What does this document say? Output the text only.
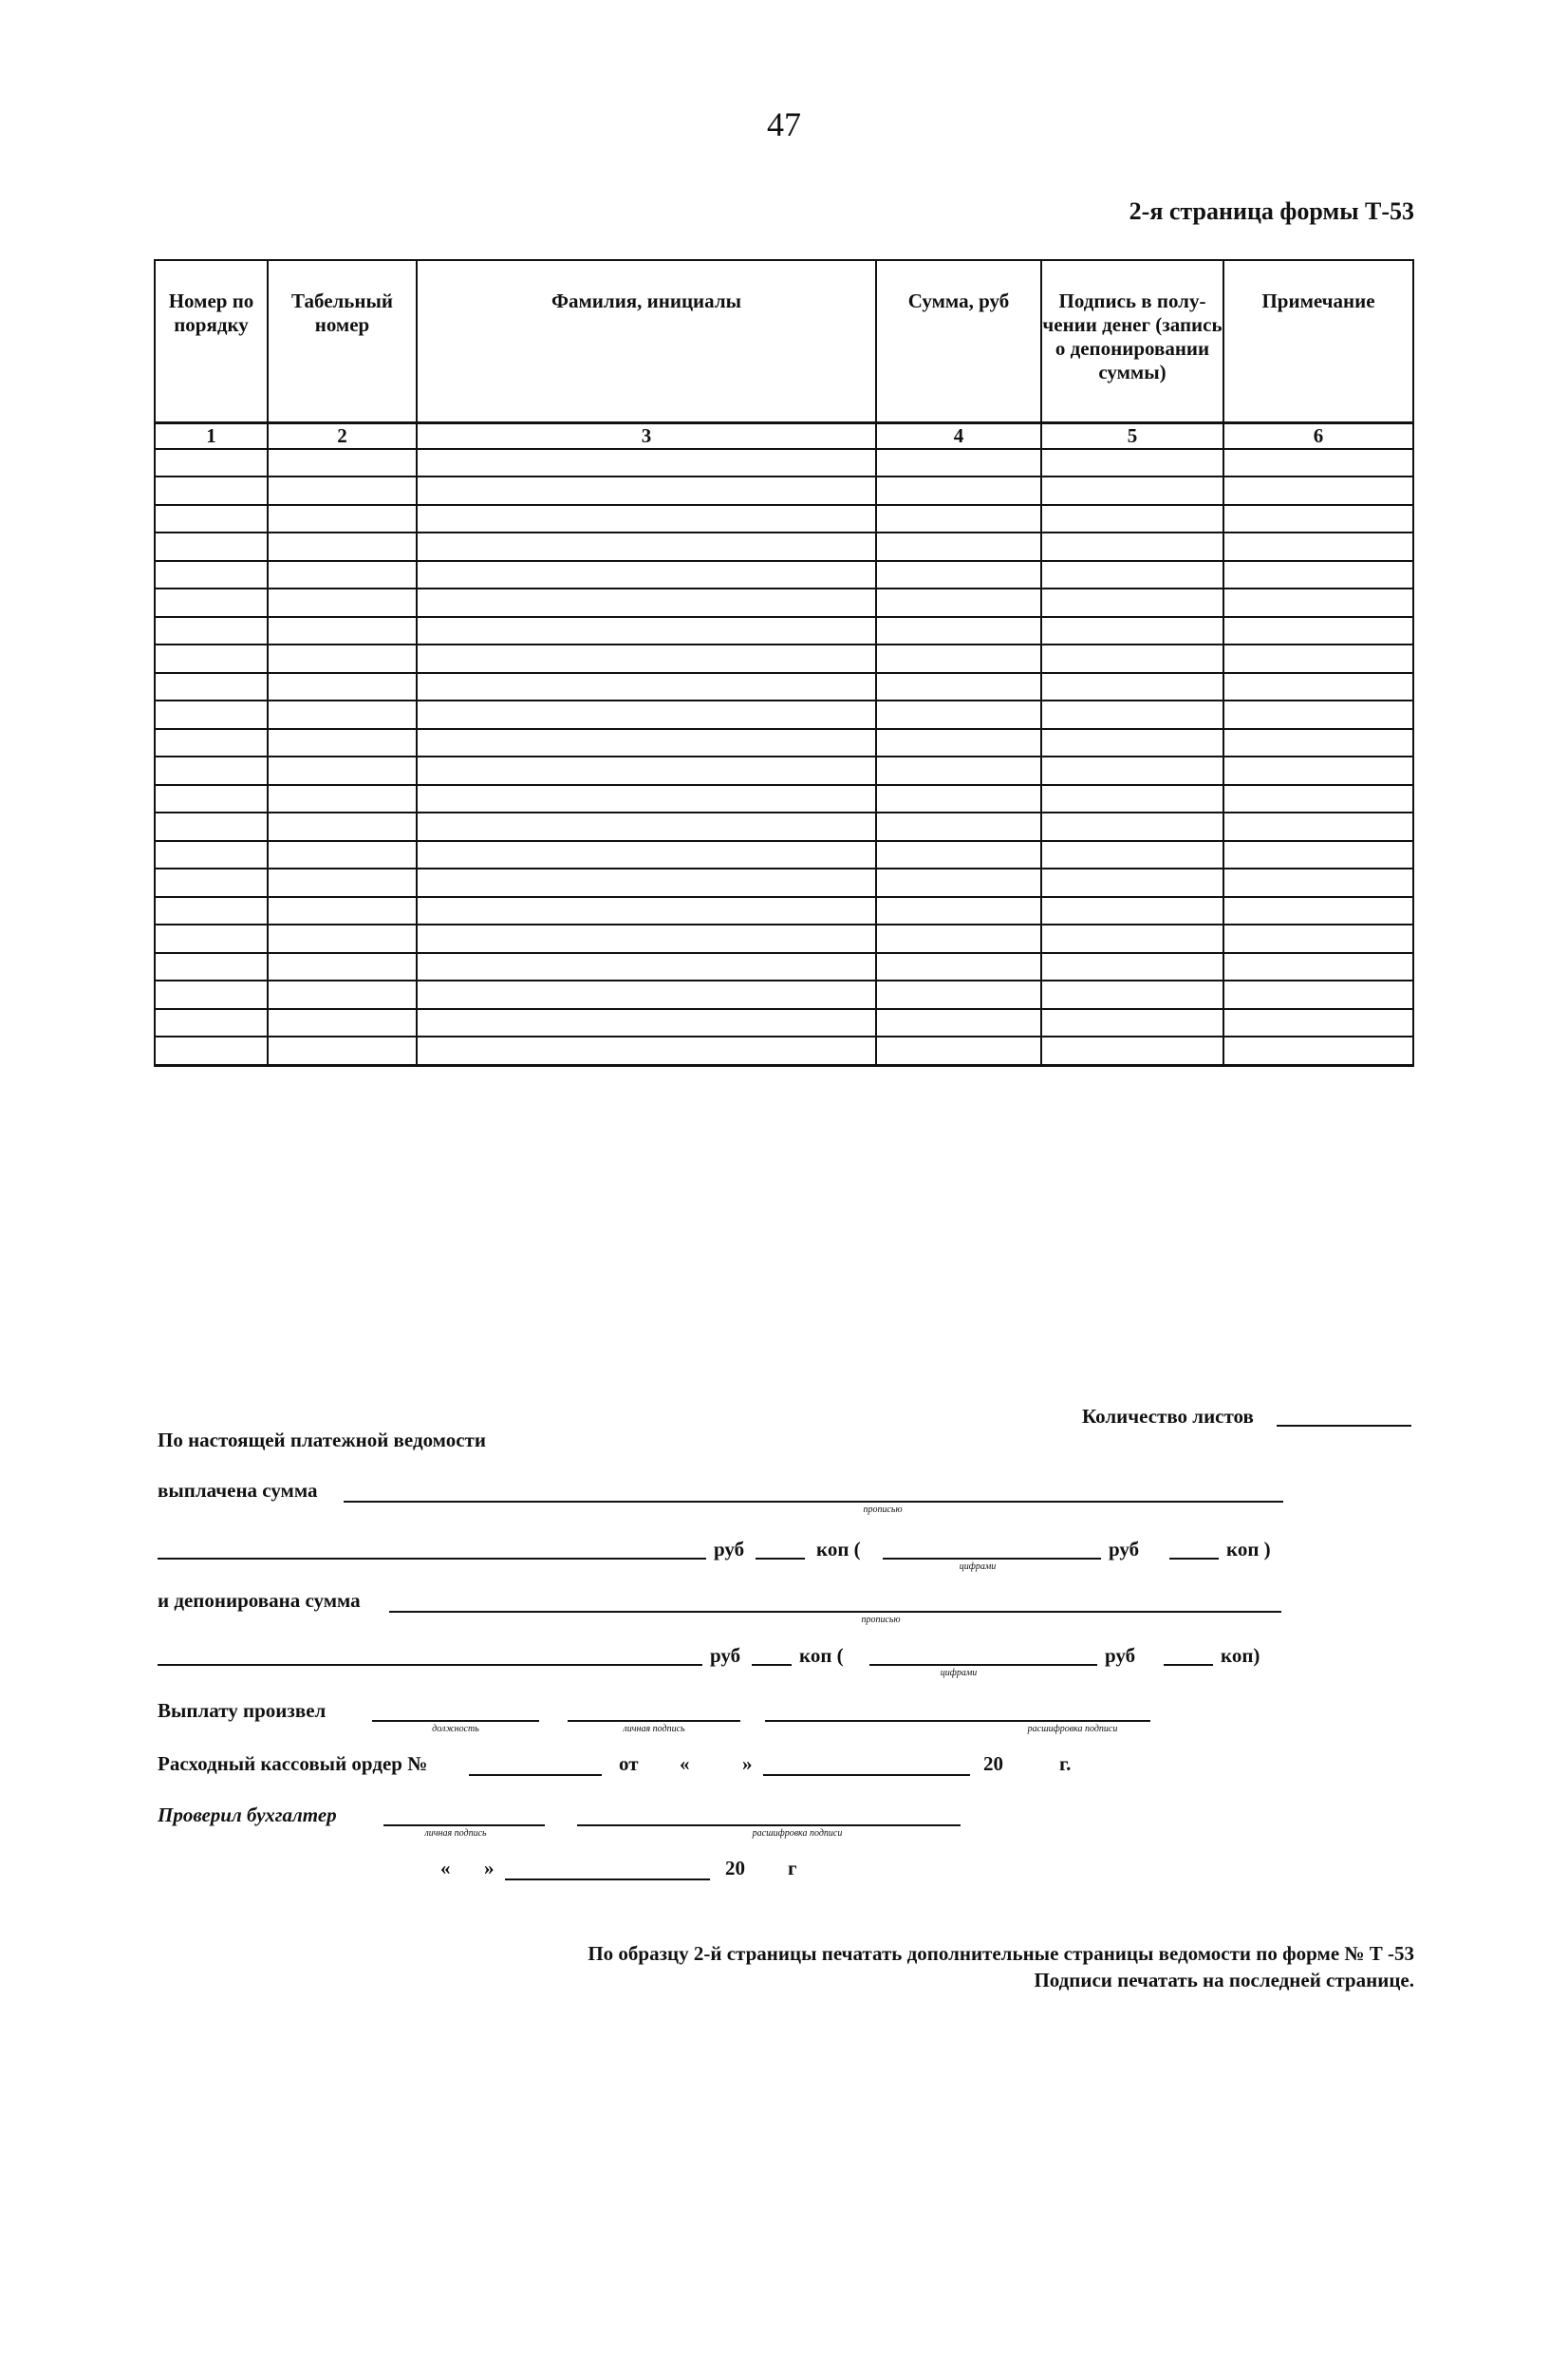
47
2-я страница формы Т-53
Номер по порядку	Табельный номер	Фамилия, инициалы	Сумма, руб	Подпись в полу-чении денег (запись о депонировании суммы)	Примечание
1	2	3	4	5	6

Количество листов
По настоящей платежной ведомости
выплачена сумма
прописью
руб	коп (
цифрами
руб	коп )
и депонирована сумма
прописью
руб	коп (
цифрами
руб	коп)
Выплату произвел
должность	личная подпись	расшифровка подписи
Расходный кассовый ордер №	от «	»	20	г.
Проверил бухгалтер
личная подпись	расшифровка подписи
« »	20 г
По образцу 2-й страницы печатать дополнительные страницы ведомости по форме № Т -53
Подписи печатать на последней странице.
